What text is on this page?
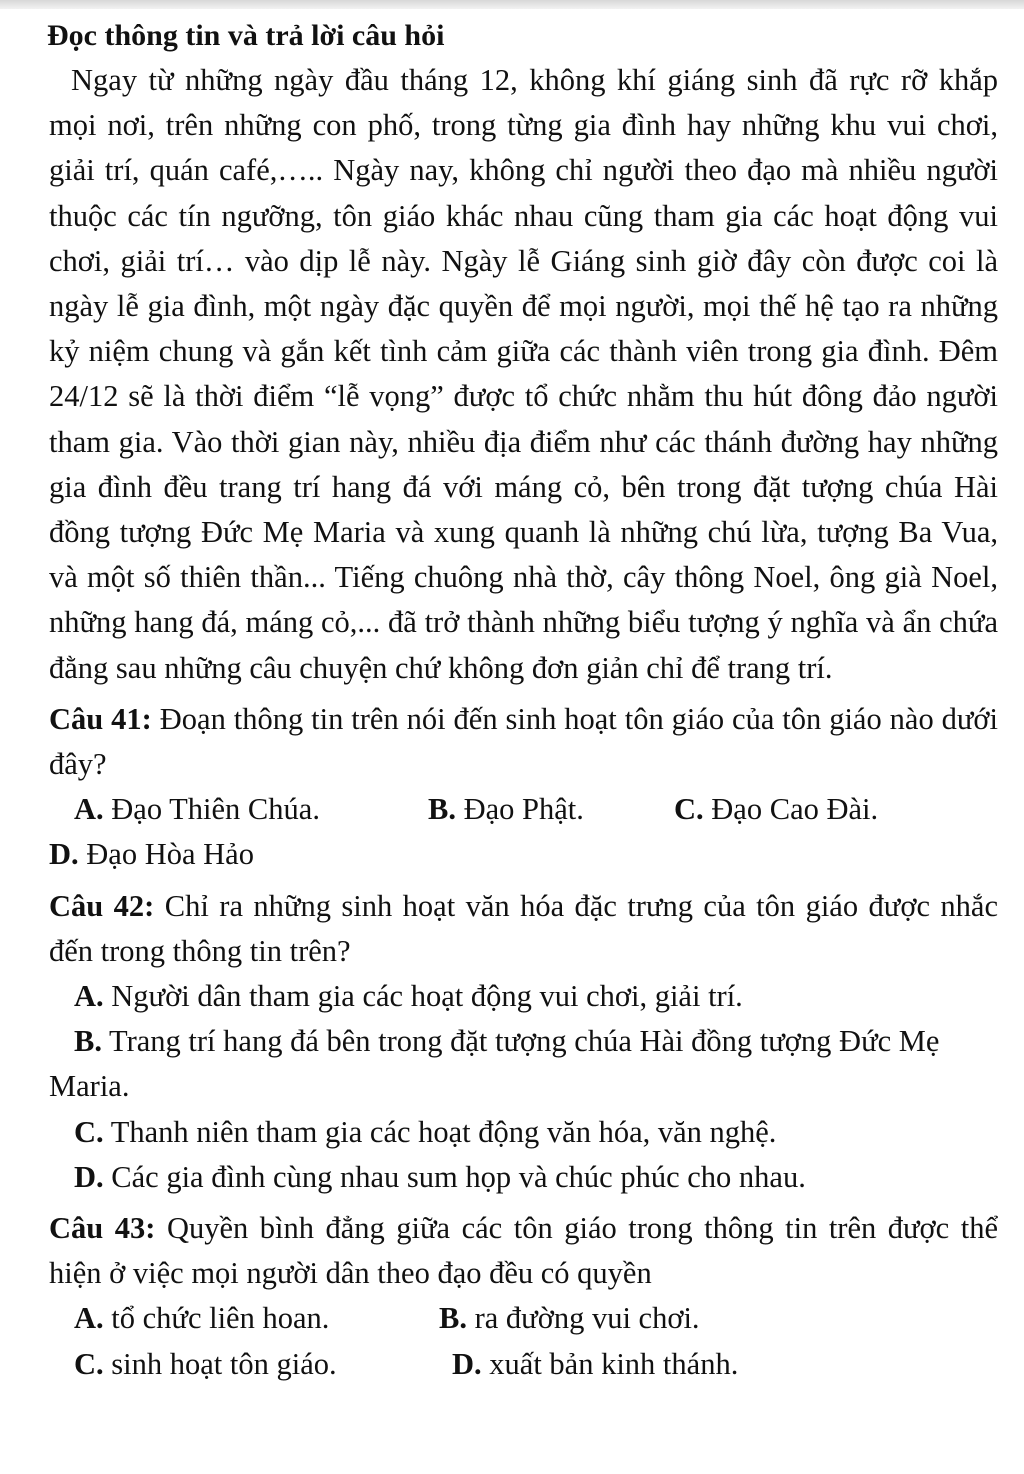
Đọc thông tin và trả lời câu hỏi

Ngay từ những ngày đầu tháng 12, không khí giáng sinh đã rực rỡ khắp mọi nơi, trên những con phố, trong từng gia đình hay những khu vui chơi, giải trí, quán café,….. Ngày nay, không chỉ người theo đạo mà nhiều người thuộc các tín ngưỡng, tôn giáo khác nhau cũng tham gia các hoạt động vui chơi, giải trí… vào dịp lễ này. Ngày lễ Giáng sinh giờ đây còn được coi là ngày lễ gia đình, một ngày đặc quyền để mọi người, mọi thế hệ tạo ra những kỷ niệm chung và gắn kết tình cảm giữa các thành viên trong gia đình. Đêm 24/12 sẽ là thời điểm “lễ vọng” được tổ chức nhằm thu hút đông đảo người tham gia. Vào thời gian này, nhiều địa điểm như các thánh đường hay những gia đình đều trang trí hang đá với máng cỏ, bên trong đặt tượng chúa Hài đồng tượng Đức Mẹ Maria và xung quanh là những chú lừa, tượng Ba Vua, và một số thiên thần... Tiếng chuông nhà thờ, cây thông Noel, ông già Noel, những hang đá, máng cỏ,... đã trở thành những biểu tượng ý nghĩa và ẩn chứa đằng sau những câu chuyện chứ không đơn giản chỉ để trang trí.

Câu 41: Đoạn thông tin trên nói đến sinh hoạt tôn giáo của tôn giáo nào dưới đây?

A. Đạo Thiên Chúa.	B. Đạo Phật.	C. Đạo Cao Đài.
D. Đạo Hòa Hảo

Câu 42: Chỉ ra những sinh hoạt văn hóa đặc trưng của tôn giáo được nhắc đến trong thông tin trên?

A. Người dân tham gia các hoạt động vui chơi, giải trí.

B. Trang trí hang đá bên trong đặt tượng chúa Hài đồng tượng Đức Mẹ Maria.

C. Thanh niên tham gia các hoạt động văn hóa, văn nghệ.

D. Các gia đình cùng nhau sum họp và chúc phúc cho nhau.

Câu 43: Quyền bình đẳng giữa các tôn giáo trong thông tin trên được thể hiện ở việc mọi người dân theo đạo đều có quyền

A. tổ chức liên hoan.	B. ra đường vui chơi.
C. sinh hoạt tôn giáo.	D. xuất bản kinh thánh.
